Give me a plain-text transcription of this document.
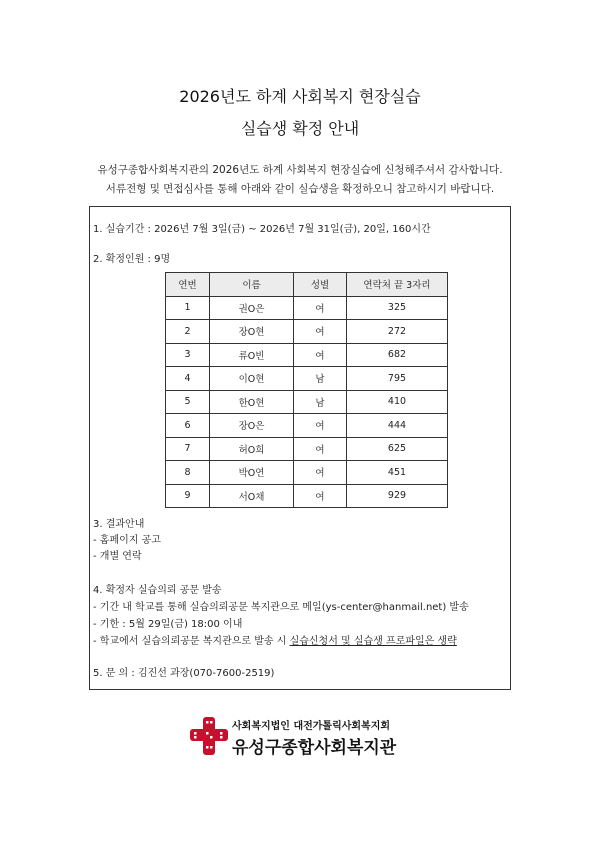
2026년도 하계 사회복지 현장실습
실습생 확정 안내
유성구종합사회복지관의 2026년도 하계 사회복지 현장실습에 신청해주셔서 감사합니다.
서류전형 및 면접심사를 통해 아래와 같이 실습생을 확정하오니 참고하시기 바랍니다.
1. 실습기간 : 2026년 7월 3일(금) ~ 2026년 7월 31일(금), 20일, 160시간
2. 확정인원 : 9명
연번	이름	성별	연락처 끝 3자리
1	권O은	여	325
2	장O현	여	272
3	류O빈	여	682
4	이O현	남	795
5	한O현	남	410
6	장O은	여	444
7	허O희	여	625
8	박O연	여	451
9	서O채	여	929
3. 결과안내
- 홈페이지 공고
- 개별 연락
4. 확정자 실습의뢰 공문 발송
- 기간 내 학교를 통해 실습의뢰공문 복지관으로 메일(ys-center@hanmail.net) 발송
- 기한 : 5월 29일(금) 18:00 이내
- 학교에서 실습의뢰공문 복지관으로 발송 시 실습신청서 및 실습생 프로파일은 생략
5. 문 의 : 김진선 과장(070-7600-2519)
사회복지법인 대전가톨릭사회복지회
유성구종합사회복지관
